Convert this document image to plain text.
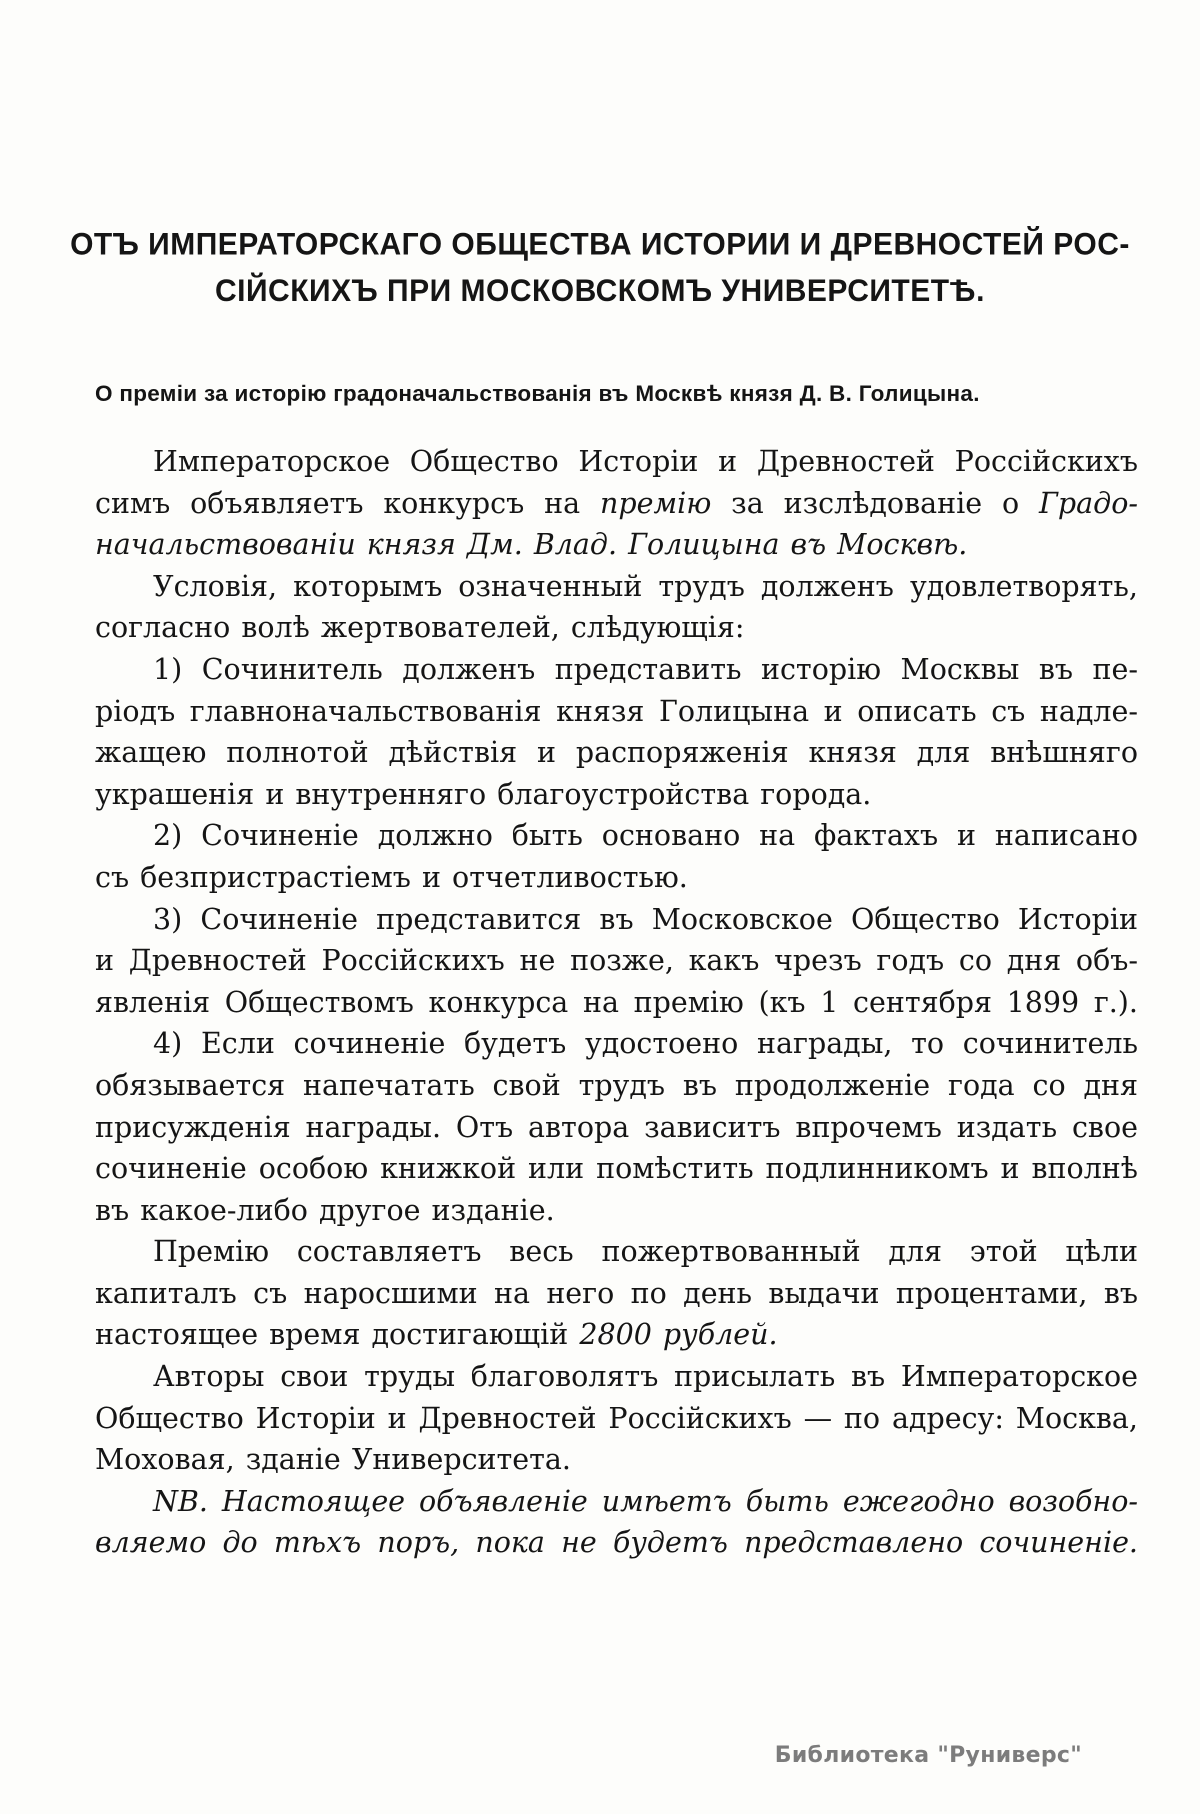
ОТЪ ИМПЕРАТОРСКАГО ОБЩЕСТВА ИСТОРИИ И ДРЕВНОСТЕЙ РОС-
СІЙСКИХЪ ПРИ МОСКОВСКОМЪ УНИВЕРСИТЕТѢ.
О преміи за исторію градоначальствованія въ Москвѣ князя Д. В. Голицына.
Императорское Общество Исторіи и Древностей Россійскихъ
симъ объявляетъ конкурсъ на премію за изслѣдованіе о Градо-
начальствованіи князя Дм. Влад. Голицына въ Москвѣ.
Условія, которымъ означенный трудъ долженъ удовлетворять,
согласно волѣ жертвователей, слѣдующія:
1) Сочинитель долженъ представить исторію Москвы въ пе-
ріодъ главноначальствованія князя Голицына и описать съ надле-
жащею полнотой дѣйствія и распоряженія князя для внѣшняго
украшенія и внутренняго благоустройства города.
2) Сочиненіе должно быть основано на фактахъ и написано
съ безпристрастіемъ и отчетливостью.
3) Сочиненіе представится въ Московское Общество Исторіи
и Древностей Россійскихъ не позже, какъ чрезъ годъ со дня объ-
явленія Обществомъ конкурса на премію (къ 1 сентября 1899 г.).
4) Если сочиненіе будетъ удостоено награды, то сочинитель
обязывается напечатать свой трудъ въ продолженіе года со дня
присужденія награды. Отъ автора зависитъ впрочемъ издать свое
сочиненіе особою книжкой или помѣстить подлинникомъ и вполнѣ
въ какое-либо другое изданіе.
Премію составляетъ весь пожертвованный для этой цѣли
капиталъ съ наросшими на него по день выдачи процентами, въ
настоящее время достигающій 2800 рублей.
Авторы свои труды благоволятъ присылать въ Императорское
Общество Исторіи и Древностей Россійскихъ — по адресу: Москва,
Моховая, зданіе Университета.
NB. Настоящее объявленіе имѣетъ быть ежегодно возобно-
вляемо до тѣхъ поръ, пока не будетъ представлено сочиненіе.
Библиотека "Руниверс"
